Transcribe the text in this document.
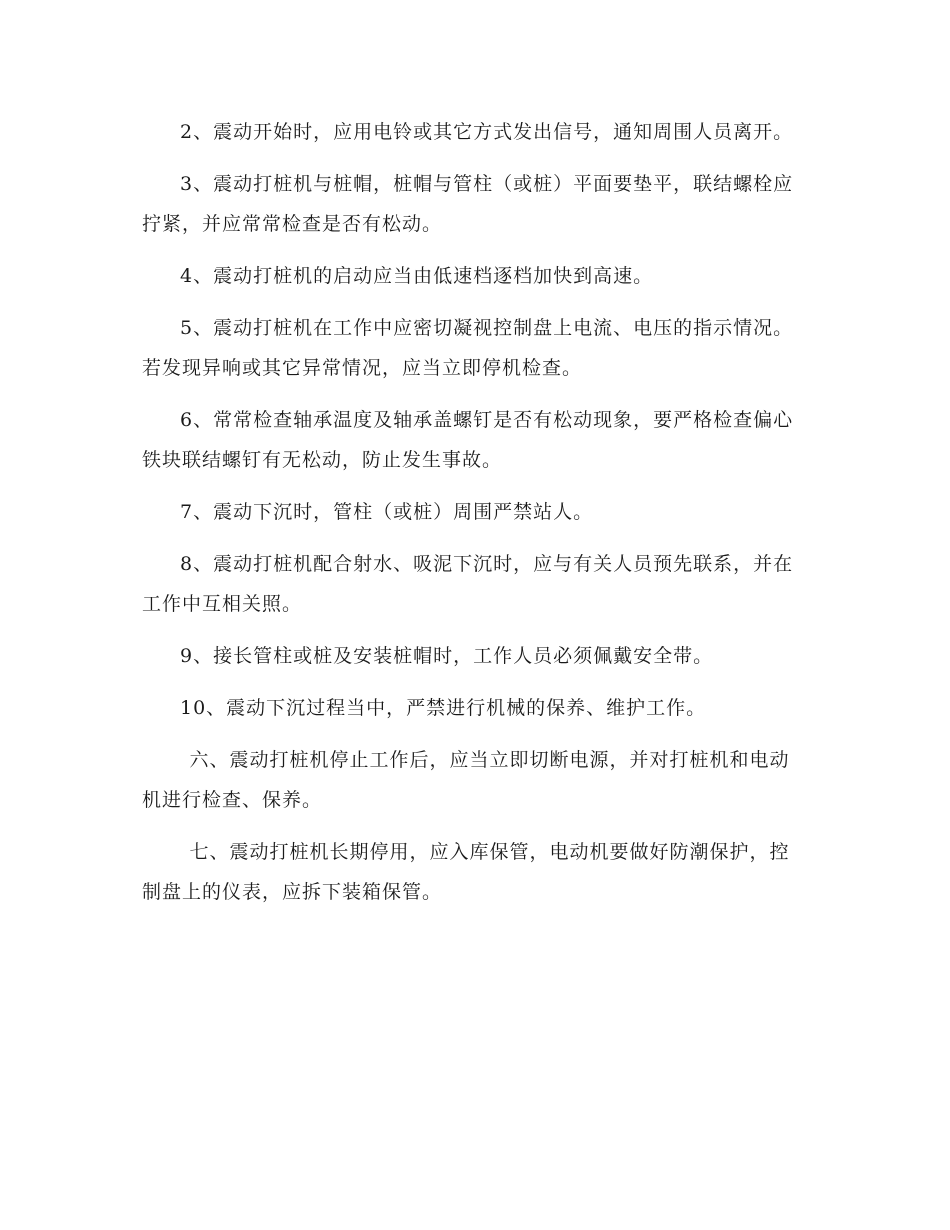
2、震动开始时，应用电铃或其它方式发出信号，通知周围人员离开。

3、震动打桩机与桩帽，桩帽与管柱（或桩）平面要垫平，联结螺栓应拧紧，并应常常检查是否有松动。

4、震动打桩机的启动应当由低速档逐档加快到高速。

5、震动打桩机在工作中应密切凝视控制盘上电流、电压的指示情况。若发现异响或其它异常情况，应当立即停机检查。

6、常常检查轴承温度及轴承盖螺钉是否有松动现象，要严格检查偏心铁块联结螺钉有无松动，防止发生事故。

7、震动下沉时，管柱（或桩）周围严禁站人。

8、震动打桩机配合射水、吸泥下沉时，应与有关人员预先联系，并在工作中互相关照。

9、接长管柱或桩及安装桩帽时，工作人员必须佩戴安全带。

10、震动下沉过程当中，严禁进行机械的保养、维护工作。

六、震动打桩机停止工作后，应当立即切断电源，并对打桩机和电动机进行检查、保养。

七、震动打桩机长期停用，应入库保管，电动机要做好防潮保护，控制盘上的仪表，应拆下装箱保管。
